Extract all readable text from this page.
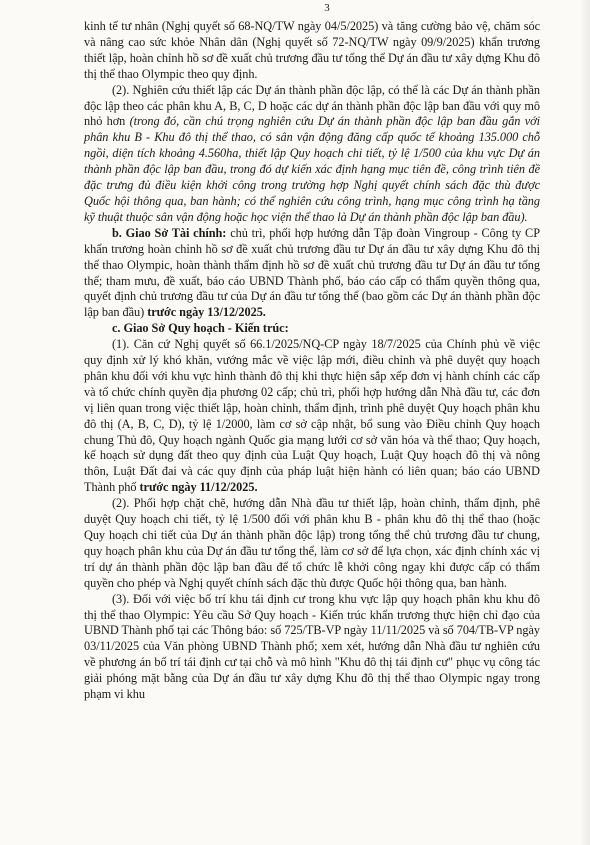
3

kinh tế tư nhân (Nghị quyết số 68-NQ/TW ngày 04/5/2025) và tăng cường bảo vệ, chăm sóc và nâng cao sức khỏe Nhân dân (Nghị quyết số 72-NQ/TW ngày 09/9/2025) khẩn trương thiết lập, hoàn chỉnh hồ sơ đề xuất chủ trương đầu tư tổng thể Dự án đầu tư xây dựng Khu đô thị thể thao Olympic theo quy định.

(2). Nghiên cứu thiết lập các Dự án thành phần độc lập, có thể là các Dự án thành phần độc lập theo các phân khu A, B, C, D hoặc các dự án thành phần độc lập ban đầu với quy mô nhỏ hơn (trong đó, cần chú trọng nghiên cứu Dự án thành phần độc lập ban đầu gắn với phân khu B - Khu đô thị thể thao, có sân vận động đăng cấp quốc tế khoảng 135.000 chỗ ngồi, diện tích khoảng 4.560ha, thiết lập Quy hoạch chi tiết, tỷ lệ 1/500 của khu vực Dự án thành phần độc lập ban đầu, trong đó dự kiến xác định hạng mục tiên đề, công trình tiên đề đặc trưng đủ điều kiện khởi công trong trường hợp Nghị quyết chính sách đặc thù được Quốc hội thông qua, ban hành; có thể nghiên cứu công trình, hạng mục công trình hạ tầng kỹ thuật thuộc sân vận động hoặc học viện thể thao là Dự án thành phần độc lập ban đầu).

b. Giao Sở Tài chính: chủ trì, phối hợp hướng dẫn Tập đoàn Vingroup - Công ty CP khẩn trương hoàn chỉnh hồ sơ đề xuất chủ trương đầu tư Dự án đầu tư xây dựng Khu đô thị thể thao Olympic, hoàn thành thẩm định hồ sơ đề xuất chủ trương đầu tư Dự án đầu tư tổng thể; tham mưu, đề xuất, báo cáo UBND Thành phố, báo cáo cấp có thẩm quyền thông qua, quyết định chủ trương đầu tư của Dự án đầu tư tổng thể (bao gồm các Dự án thành phần độc lập ban đầu) trước ngày 13/12/2025.

c. Giao Sở Quy hoạch - Kiến trúc:

(1). Căn cứ Nghị quyết số 66.1/2025/NQ-CP ngày 18/7/2025 của Chính phủ về việc quy định xử lý khó khăn, vướng mắc về việc lập mới, điều chỉnh và phê duyệt quy hoạch phân khu đối với khu vực hình thành đô thị khi thực hiện sắp xếp đơn vị hành chính các cấp và tổ chức chính quyền địa phương 02 cấp; chủ trì, phối hợp hướng dẫn Nhà đầu tư, các đơn vị liên quan trong việc thiết lập, hoàn chỉnh, thẩm định, trình phê duyệt Quy hoạch phân khu đô thị (A, B, C, D), tỷ lệ 1/2000, làm cơ sở cập nhật, bổ sung vào Điều chỉnh Quy hoạch chung Thủ đô, Quy hoạch ngành Quốc gia mạng lưới cơ sở văn hóa và thể thao; Quy hoạch, kế hoạch sử dụng đất theo quy định của Luật Quy hoạch, Luật Quy hoạch đô thị và nông thôn, Luật Đất đai và các quy định của pháp luật hiện hành có liên quan; báo cáo UBND Thành phố trước ngày 11/12/2025.

(2). Phối hợp chặt chẽ, hướng dẫn Nhà đầu tư thiết lập, hoàn chỉnh, thẩm định, phê duyệt Quy hoạch chi tiết, tỷ lệ 1/500 đối với phân khu B - phân khu đô thị thể thao (hoặc Quy hoạch chi tiết của Dự án thành phần độc lập) trong tổng thể chủ trương đầu tư chung, quy hoạch phân khu của Dự án đầu tư tổng thể, làm cơ sở để lựa chọn, xác định chính xác vị trí dự án thành phần độc lập ban đầu để tổ chức lễ khởi công ngay khi được cấp có thẩm quyền cho phép và Nghị quyết chính sách đặc thù được Quốc hội thông qua, ban hành.

(3). Đối với việc bố trí khu tái định cư trong khu vực lập quy hoạch phân khu khu đô thị thể thao Olympic: Yêu cầu Sở Quy hoạch - Kiến trúc khẩn trương thực hiện chỉ đạo của UBND Thành phố tại các Thông báo: số 725/TB-VP ngày 11/11/2025 và số 704/TB-VP ngày 03/11/2025 của Văn phòng UBND Thành phố; xem xét, hướng dẫn Nhà đầu tư nghiên cứu về phương án bố trí tái định cư tại chỗ và mô hình "Khu đô thị tái định cư" phục vụ công tác giải phóng mặt bằng của Dự án đầu tư xây dựng Khu đô thị thể thao Olympic ngay trong phạm vi khu
